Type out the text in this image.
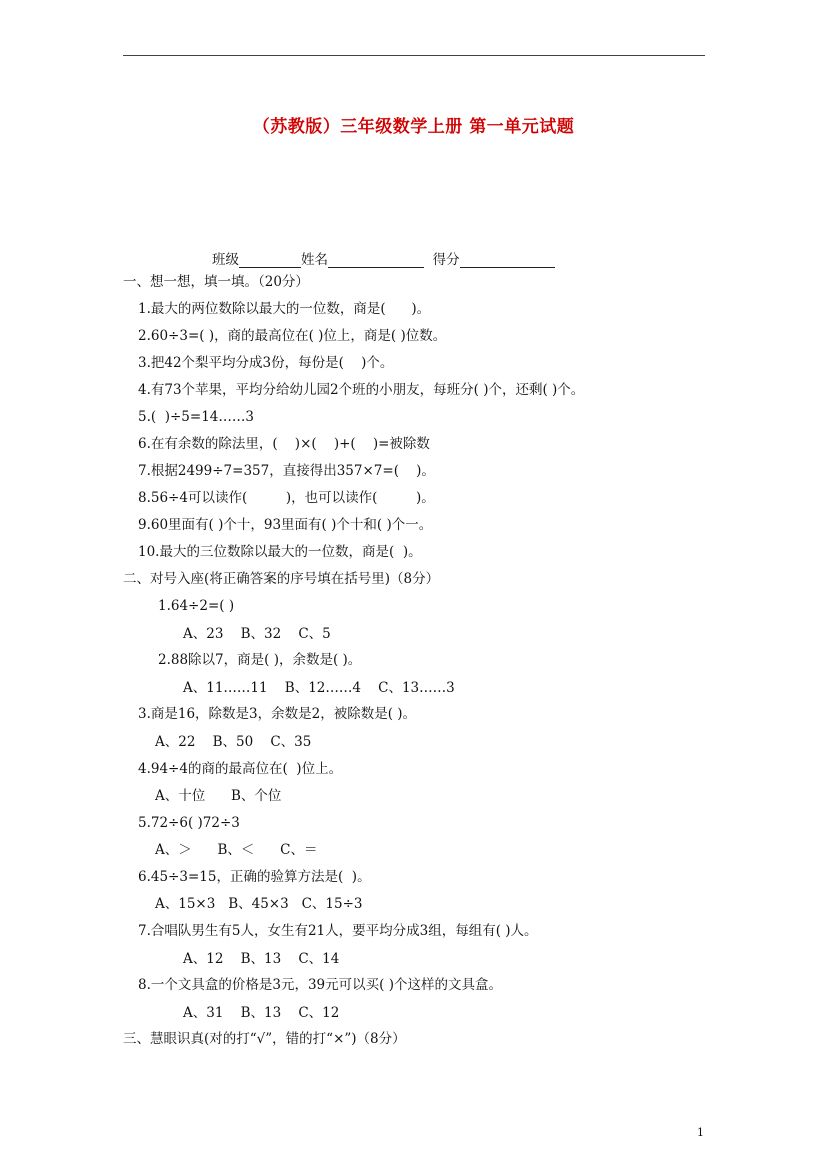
（苏教版）三年级数学上册 第一单元试题
班级	姓名	得分
一、想一想，填一填。（20分）
1.最大的两位数除以最大的一位数，商是(      )。
2.60÷3=( )，商的最高位在( )位上，商是( )位数。
3.把42个梨平均分成3份，每份是(    )个。
4.有73个苹果，平均分给幼儿园2个班的小朋友，每班分( )个，还剩( )个。
5.(  )÷5=14……3
6.在有余数的除法里，(    )×(    )+(    )=被除数
7.根据2499÷7=357，直接得出357×7=(    )。
8.56÷4可以读作(         )，也可以读作(         )。
9.60里面有( )个十，93里面有( )个十和( )个一。
10.最大的三位数除以最大的一位数，商是(  )。
二、对号入座(将正确答案的序号填在括号里)（8分）
1.64÷2=( )
A、23    B、32    C、5
2.88除以7，商是( )，余数是( )。
A、11……11    B、12……4    C、13……3
3.商是16，除数是3，余数是2，被除数是( )。
A、22    B、50    C、35
4.94÷4的商的最高位在(  )位上。
A、十位      B、个位
5.72÷6( )72÷3
A、＞      B、＜      C、＝
6.45÷3=15，正确的验算方法是(  )。
A、15×3   B、45×3   C、15÷3
7.合唱队男生有5人，女生有21人，要平均分成3组，每组有( )人。
A、12    B、13    C、14
8.一个文具盒的价格是3元，39元可以买( )个这样的文具盒。
A、31    B、13    C、12
三、慧眼识真(对的打“√”，错的打“×”)（8分）
1
